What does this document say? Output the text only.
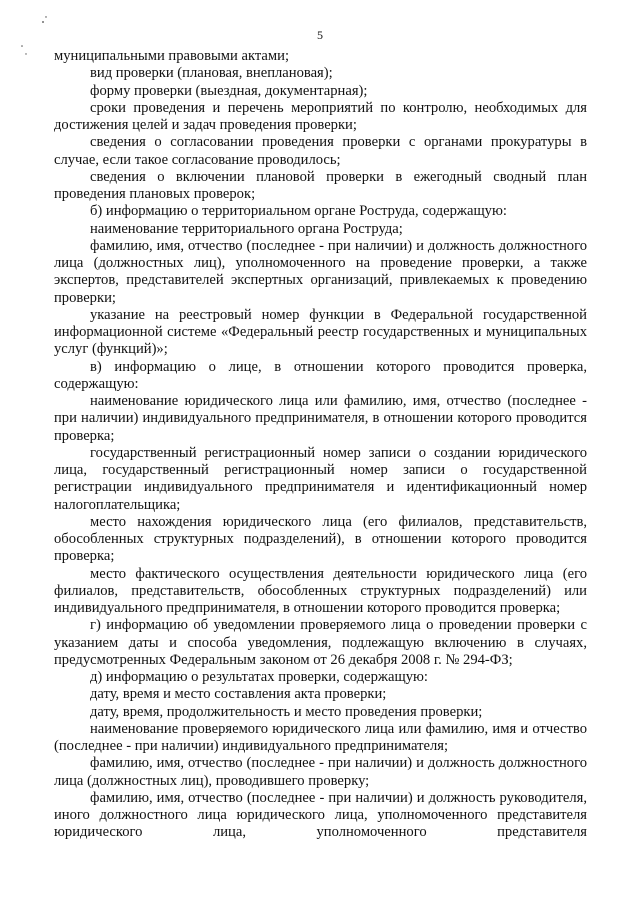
5

муниципальными правовыми актами;

вид проверки (плановая, внеплановая);

форму проверки (выездная, документарная);

сроки проведения и перечень мероприятий по контролю, необходимых для достижения целей и задач проведения проверки;

сведения о согласовании проведения проверки с органами прокуратуры в случае, если такое согласование проводилось;

сведения о включении плановой проверки в ежегодный сводный план проведения плановых проверок;

б) информацию о территориальном органе Роструда, содержащую:

наименование территориального органа Роструда;

фамилию, имя, отчество (последнее - при наличии) и должность должностного лица (должностных лиц), уполномоченного на проведение проверки, а также экспертов, представителей экспертных организаций, привлекаемых к проведению проверки;

указание на реестровый номер функции в Федеральной государственной информационной системе «Федеральный реестр государственных и муниципальных услуг (функций)»;

в) информацию о лице, в отношении которого проводится проверка, содержащую:

наименование юридического лица или фамилию, имя, отчество (последнее - при наличии) индивидуального предпринимателя, в отношении которого проводится проверка;

государственный регистрационный номер записи о создании юридического лица, государственный регистрационный номер записи о государственной регистрации индивидуального предпринимателя и идентификационный номер налогоплательщика;

место нахождения юридического лица (его филиалов, представительств, обособленных структурных подразделений), в отношении которого проводится проверка;

место фактического осуществления деятельности юридического лица (его филиалов, представительств, обособленных структурных подразделений) или индивидуального предпринимателя, в отношении которого проводится проверка;

г) информацию об уведомлении проверяемого лица о проведении проверки с указанием даты и способа уведомления, подлежащую включению в случаях, предусмотренных Федеральным законом от 26 декабря 2008 г. № 294-ФЗ;

д) информацию о результатах проверки, содержащую:

дату, время и место составления акта проверки;

дату, время, продолжительность и место проведения проверки;

наименование проверяемого юридического лица или фамилию, имя и отчество (последнее - при наличии) индивидуального предпринимателя;

фамилию, имя, отчество (последнее - при наличии) и должность должностного лица (должностных лиц), проводившего проверку;

фамилию, имя, отчество (последнее - при наличии) и должность руководителя, иного должностного лица юридического лица, уполномоченного представителя юридического лица, уполномоченного представителя
